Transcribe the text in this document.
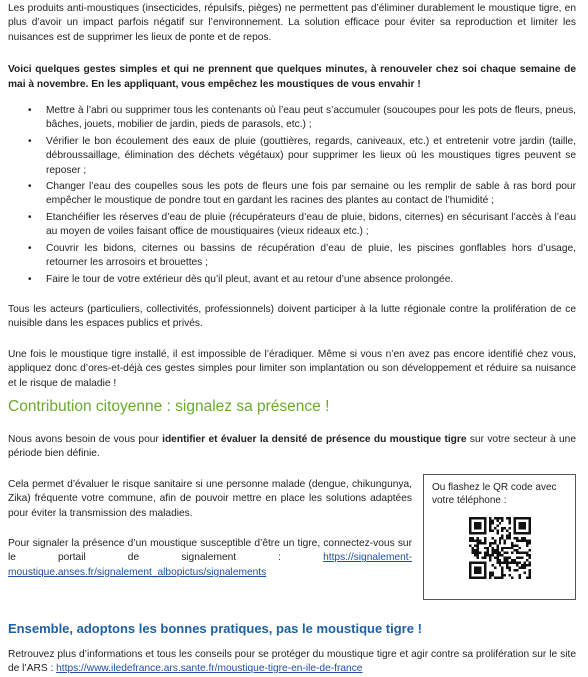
Les produits anti-moustiques (insecticides, répulsifs, pièges) ne permettent pas d’éliminer durablement le moustique tigre, en plus d’avoir un impact parfois négatif sur l’environnement. La solution efficace pour éviter sa reproduction et limiter les nuisances est de supprimer les lieux de ponte et de repos.

Voici quelques gestes simples et qui ne prennent que quelques minutes, à renouveler chez soi chaque semaine de mai à novembre. En les appliquant, vous empêchez les moustiques de vous envahir !

• Mettre à l’abri ou supprimer tous les contenants où l’eau peut s’accumuler (soucoupes pour les pots de fleurs, pneus, bâches, jouets, mobilier de jardin, pieds de parasols, etc.) ;
• Vérifier le bon écoulement des eaux de pluie (gouttières, regards, caniveaux, etc.) et entretenir votre jardin (taille, débroussaillage, élimination des déchets végétaux) pour supprimer les lieux où les moustiques tigres peuvent se reposer ;
• Changer l’eau des coupelles sous les pots de fleurs une fois par semaine ou les remplir de sable à ras bord pour empêcher le moustique de pondre tout en gardant les racines des plantes au contact de l’humidité ;
• Etanchéifier les réserves d’eau de pluie (récupérateurs d’eau de pluie, bidons, citernes) en sécurisant l’accès à l’eau au moyen de voiles faisant office de moustiquaires (vieux rideaux etc.) ;
• Couvrir les bidons, citernes ou bassins de récupération d’eau de pluie, les piscines gonflables hors d’usage, retourner les arrosoirs et brouettes ;
• Faire le tour de votre extérieur dès qu’il pleut, avant et au retour d’une absence prolongée.

Tous les acteurs (particuliers, collectivités, professionnels) doivent participer à la lutte régionale contre la prolifération de ce nuisible dans les espaces publics et privés.

Une fois le moustique tigre installé, il est impossible de l’éradiquer. Même si vous n’en avez pas encore identifié chez vous, appliquez donc d’ores-et-déjà ces gestes simples pour limiter son implantation ou son développement et réduire sa nuisance et le risque de maladie !

Contribution citoyenne : signalez sa présence !

Nous avons besoin de vous pour identifier et évaluer la densité de présence du moustique tigre sur votre secteur à une période bien définie.

Cela permet d’évaluer le risque sanitaire si une personne malade (dengue, chikungunya, Zika) fréquente votre commune, afin de pouvoir mettre en place les solutions adaptées pour éviter la transmission des maladies.

Pour signaler la présence d’un moustique susceptible d’être un tigre, connectez-vous sur le portail de signalement : https://signalement-moustique.anses.fr/signalement_albopictus/signalements

Ou flashez le QR code avec votre téléphone :
Ensemble, adoptons les bonnes pratiques, pas le moustique tigre !

Retrouvez plus d’informations et tous les conseils pour se protéger du moustique tigre et agir contre sa prolifération sur le site de l’ARS : https://www.iledefrance.ars.sante.fr/moustique-tigre-en-ile-de-france
